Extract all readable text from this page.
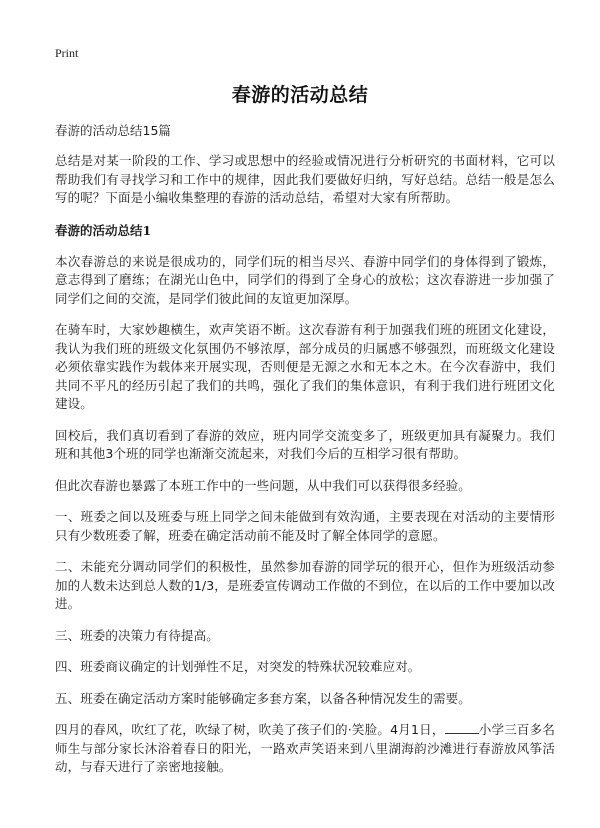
Print
春游的活动总结

春游的活动总结15篇

总结是对某一阶段的工作、学习或思想中的经验或情况进行分析研究的书面材料，它可以帮助我们有寻找学习和工作中的规律，因此我们要做好归纳，写好总结。总结一般是怎么写的呢？下面是小编收集整理的春游的活动总结，希望对大家有所帮助。

春游的活动总结1

本次春游总的来说是很成功的，同学们玩的相当尽兴、春游中同学们的身体得到了锻炼，意志得到了磨练；在湖光山色中，同学们的得到了全身心的放松；这次春游进一步加强了同学们之间的交流，是同学们彼此间的友谊更加深厚。

在骑车时，大家妙趣横生，欢声笑语不断。这次春游有利于加强我们班的班团文化建设，我认为我们班的班级文化氛围仍不够浓厚，部分成员的归属感不够强烈，而班级文化建设必须依靠实践作为载体来开展实现，否则便是无源之水和无本之木。在今次春游中，我们共同不平凡的经历引起了我们的共鸣，强化了我们的集体意识，有利于我们进行班团文化建设。

回校后，我们真切看到了春游的效应，班内同学交流变多了，班级更加具有凝聚力。我们班和其他3个班的同学也渐渐交流起来，对我们今后的互相学习很有帮助。

但此次春游也暴露了本班工作中的一些问题，从中我们可以获得很多经验。

一、班委之间以及班委与班上同学之间未能做到有效沟通，主要表现在对活动的主要情形只有少数班委了解，班委在确定活动前不能及时了解全体同学的意愿。

二、未能充分调动同学们的积极性，虽然参加春游的同学玩的很开心，但作为班级活动参加的人数未达到总人数的1/3，是班委宣传调动工作做的不到位，在以后的工作中要加以改进。

三、班委的决策力有待提高。

四、班委商议确定的计划弹性不足，对突发的特殊状况较难应对。

五、班委在确定活动方案时能够确定多套方案，以备各种情况发生的需要。

四月的春风，吹红了花，吹绿了树，吹美了孩子们的·笑脸。4月1日，	小学三百多名师生与部分家长沐浴着春日的阳光，一路欢声笑语来到八里湖海韵沙滩进行春游放风筝活动，与春天进行了亲密地接触。
